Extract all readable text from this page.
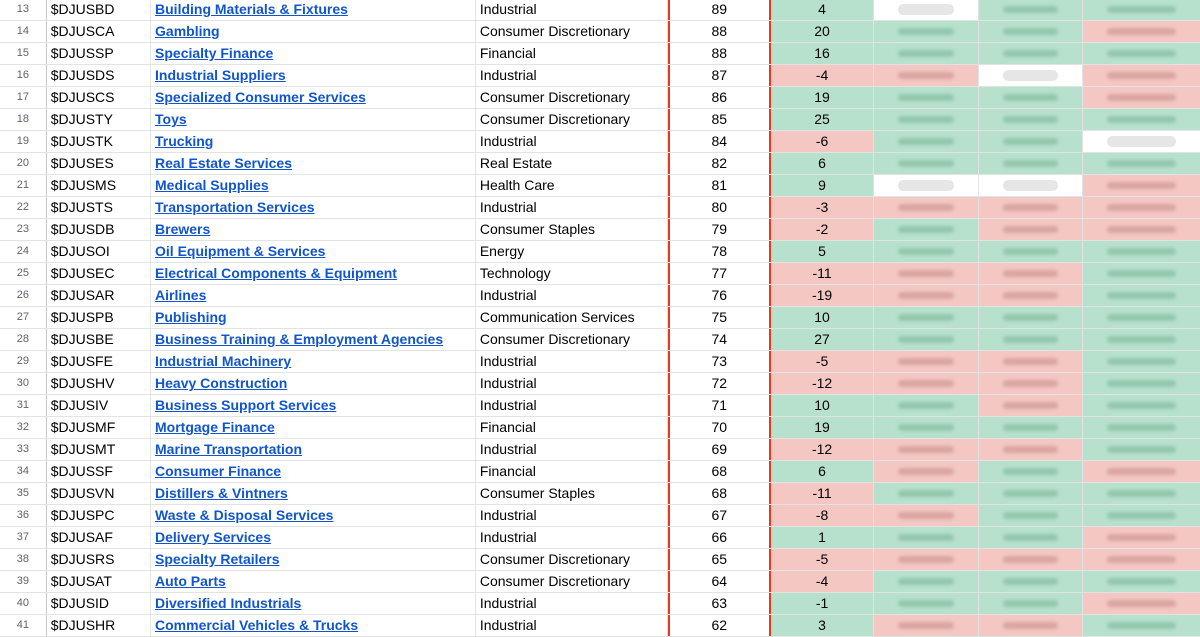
13	$DJUSBD	Building Materials & Fixtures	Industrial	89	4
14	$DJUSCA	Gambling	Consumer Discretionary	88	20
15	$DJUSSP	Specialty Finance	Financial	88	16
16	$DJUSDS	Industrial Suppliers	Industrial	87	-4
17	$DJUSCS	Specialized Consumer Services	Consumer Discretionary	86	19
18	$DJUSTY	Toys	Consumer Discretionary	85	25
19	$DJUSTK	Trucking	Industrial	84	-6
20	$DJUSES	Real Estate Services	Real Estate	82	6
21	$DJUSMS	Medical Supplies	Health Care	81	9
22	$DJUSTS	Transportation Services	Industrial	80	-3
23	$DJUSDB	Brewers	Consumer Staples	79	-2
24	$DJUSOI	Oil Equipment & Services	Energy	78	5
25	$DJUSEC	Electrical Components & Equipment	Technology	77	-11
26	$DJUSAR	Airlines	Industrial	76	-19
27	$DJUSPB	Publishing	Communication Services	75	10
28	$DJUSBE	Business Training & Employment Agencies	Consumer Discretionary	74	27
29	$DJUSFE	Industrial Machinery	Industrial	73	-5
30	$DJUSHV	Heavy Construction	Industrial	72	-12
31	$DJUSIV	Business Support Services	Industrial	71	10
32	$DJUSMF	Mortgage Finance	Financial	70	19
33	$DJUSMT	Marine Transportation	Industrial	69	-12
34	$DJUSSF	Consumer Finance	Financial	68	6
35	$DJUSVN	Distillers & Vintners	Consumer Staples	68	-11
36	$DJUSPC	Waste & Disposal Services	Industrial	67	-8
37	$DJUSAF	Delivery Services	Industrial	66	1
38	$DJUSRS	Specialty Retailers	Consumer Discretionary	65	-5
39	$DJUSAT	Auto Parts	Consumer Discretionary	64	-4
40	$DJUSID	Diversified Industrials	Industrial	63	-1
41	$DJUSHR	Commercial Vehicles & Trucks	Industrial	62	3
